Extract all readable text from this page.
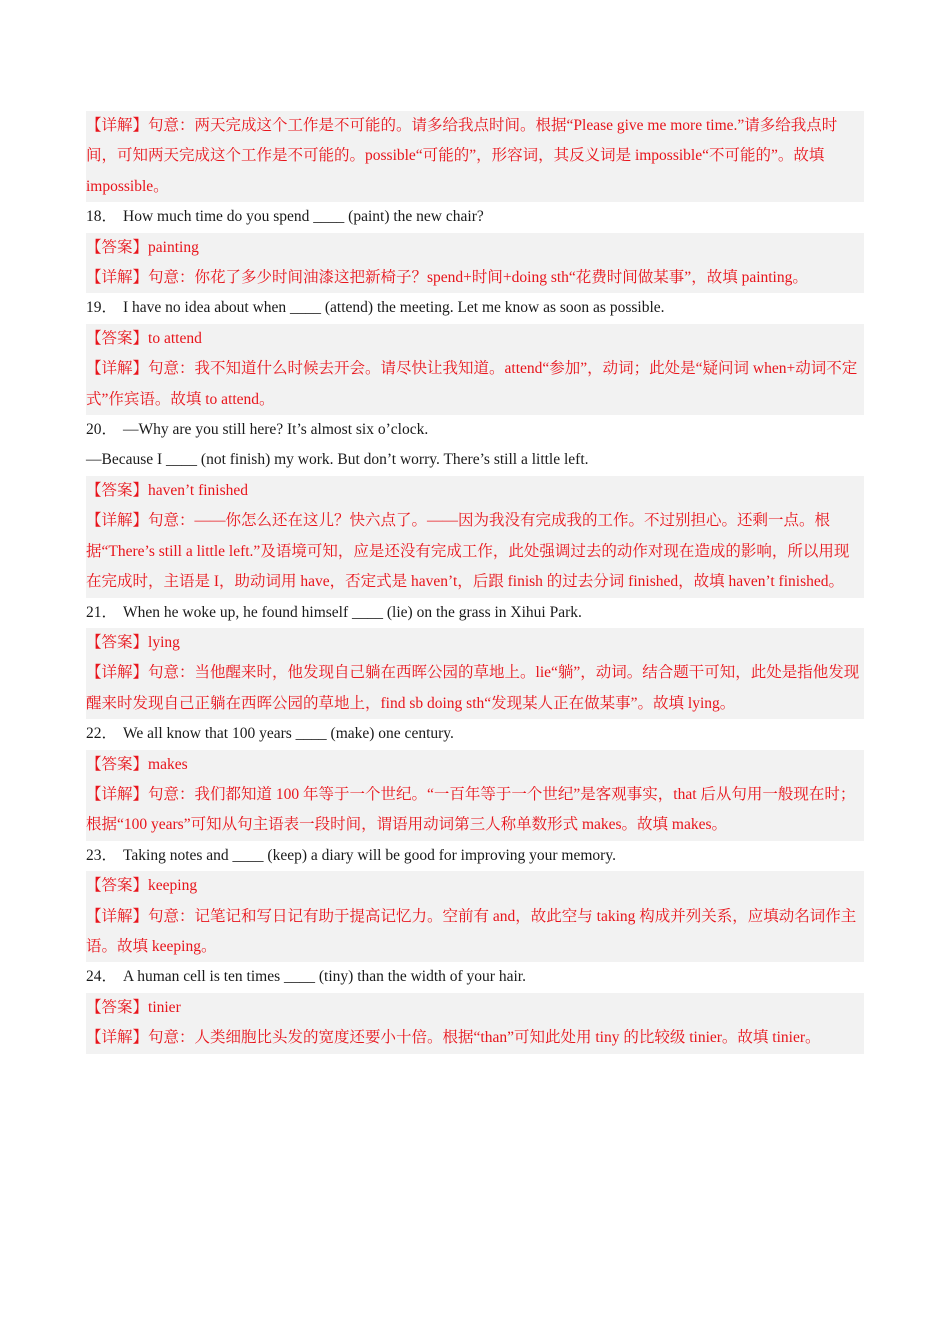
【详解】句意：两天完成这个工作是不可能的。请多给我点时间。根据“Please give me more time.”请多给我点时间，可知两天完成这个工作是不可能的。possible“可能的”，形容词，其反义词是 impossible“不可能的”。故填 impossible。

18． How much time do you spend ____ (paint) the new chair?

【答案】painting

【详解】句意：你花了多少时间油漆这把新椅子？spend+时间+doing sth“花费时间做某事”，故填 painting。

19． I have no idea about when ____ (attend) the meeting. Let me know as soon as possible.

【答案】to attend

【详解】句意：我不知道什么时候去开会。请尽快让我知道。attend“参加”，动词；此处是“疑问词 when+动词不定式”作宾语。故填 to attend。

20． —Why are you still here? It’s almost six o’clock.
—Because I ____ (not finish) my work. But don’t worry. There’s still a little left.

【答案】haven’t finished

【详解】句意：——你怎么还在这儿？快六点了。——因为我没有完成我的工作。不过别担心。还剩一点。根据“There’s still a little left.”及语境可知，应是还没有完成工作，此处强调过去的动作对现在造成的影响，所以用现在完成时，主语是 I，助动词用 have，否定式是 haven’t，后跟 finish 的过去分词 finished，故填 haven’t finished。

21． When he woke up, he found himself ____ (lie) on the grass in Xihui Park.

【答案】lying

【详解】句意：当他醒来时，他发现自己躺在西晖公园的草地上。lie“躺”，动词。结合题干可知，此处是指他发现醒来时发现自己正躺在西晖公园的草地上，find sb doing sth“发现某人正在做某事”。故填 lying。

22． We all know that 100 years ____ (make) one century.

【答案】makes

【详解】句意：我们都知道 100 年等于一个世纪。“一百年等于一个世纪”是客观事实，that 后从句用一般现在时；根据“100 years”可知从句主语表一段时间，谓语用动词第三人称单数形式 makes。故填 makes。

23． Taking notes and ____ (keep) a diary will be good for improving your memory.

【答案】keeping

【详解】句意：记笔记和写日记有助于提高记忆力。空前有 and，故此空与 taking 构成并列关系，应填动名词作主语。故填 keeping。

24． A human cell is ten times ____ (tiny) than the width of your hair.

【答案】tinier

【详解】句意：人类细胞比头发的宽度还要小十倍。根据“than”可知此处用 tiny 的比较级 tinier。故填 tinier。
